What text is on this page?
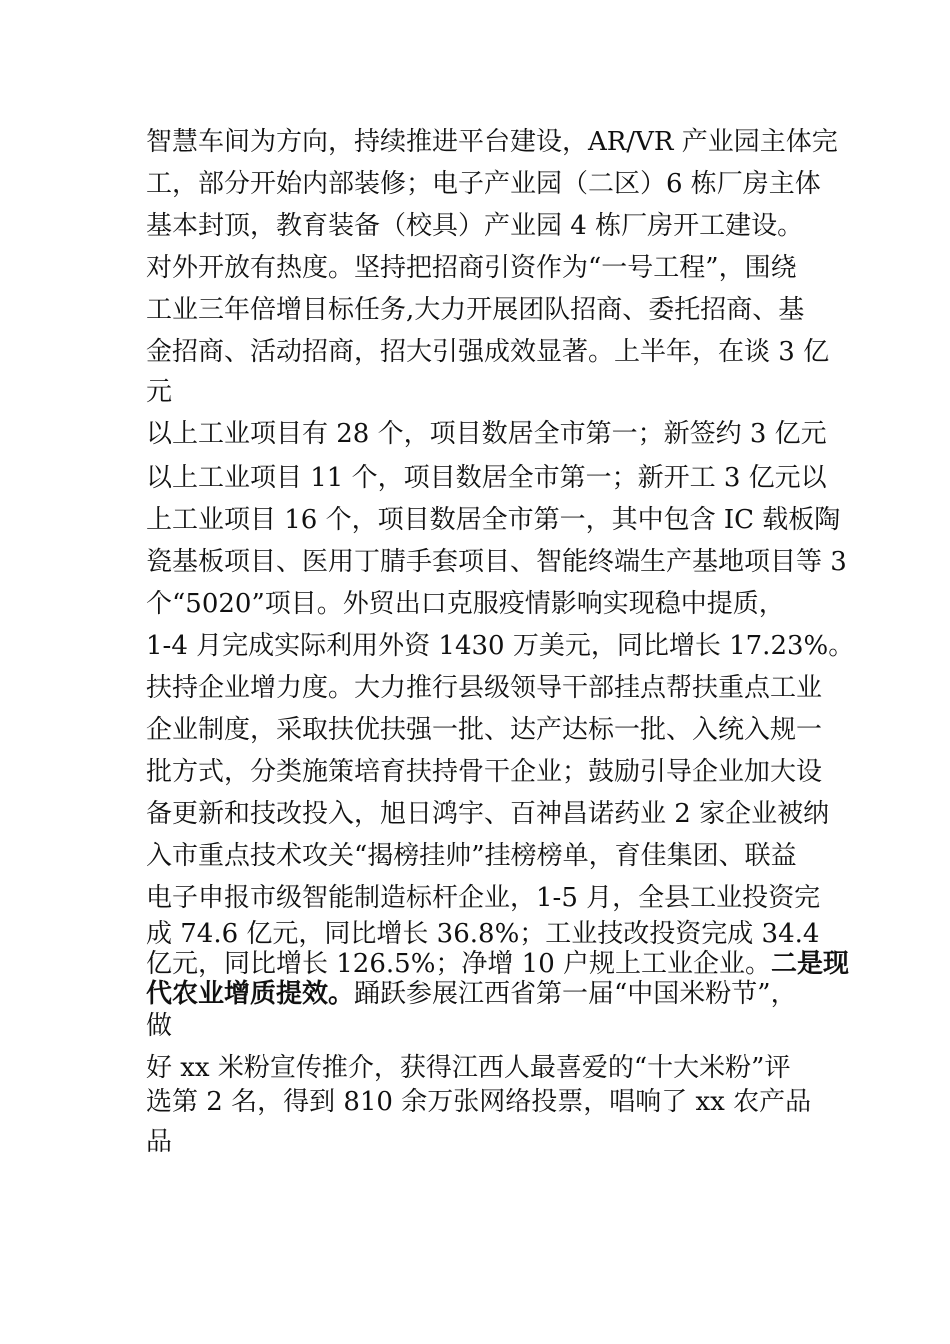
智慧车间为方向，持续推进平台建设，AR/VR 产业园主体完
工，部分开始内部装修；电子产业园（二区）6 栋厂房主体
基本封顶，教育装备（校具）产业园 4 栋厂房开工建设。
对外开放有热度。坚持把招商引资作为“一号工程”，围绕
工业三年倍增目标任务,大力开展团队招商、委托招商、基
金招商、活动招商，招大引强成效显著。上半年，在谈 3 亿
元
以上工业项目有 28 个，项目数居全市第一；新签约 3 亿元
以上工业项目 11 个，项目数居全市第一；新开工 3 亿元以
上工业项目 16 个，项目数居全市第一，其中包含 IC 载板陶
瓷基板项目、医用丁腈手套项目、智能终端生产基地项目等 3
个“5020”项目。外贸出口克服疫情影响实现稳中提质，
1-4 月完成实际利用外资 1430 万美元，同比增长 17.23%。
扶持企业增力度。大力推行县级领导干部挂点帮扶重点工业
企业制度，采取扶优扶强一批、达产达标一批、入统入规一
批方式，分类施策培育扶持骨干企业；鼓励引导企业加大设
备更新和技改投入，旭日鸿宇、百神昌诺药业 2 家企业被纳
入市重点技术攻关“揭榜挂帅”挂榜榜单，育佳集团、联益
电子申报市级智能制造标杆企业，1-5 月，全县工业投资完
成 74.6 亿元，同比增长 36.8%；工业技改投资完成 34.4
亿元，同比增长 126.5%；净增 10 户规上工业企业。二是现
代农业增质提效。踊跃参展江西省第一届“中国米粉节”，
做
好 xx 米粉宣传推介，获得江西人最喜爱的“十大米粉”评
选第 2 名，得到 810 余万张网络投票，唱响了 xx 农产品
品
